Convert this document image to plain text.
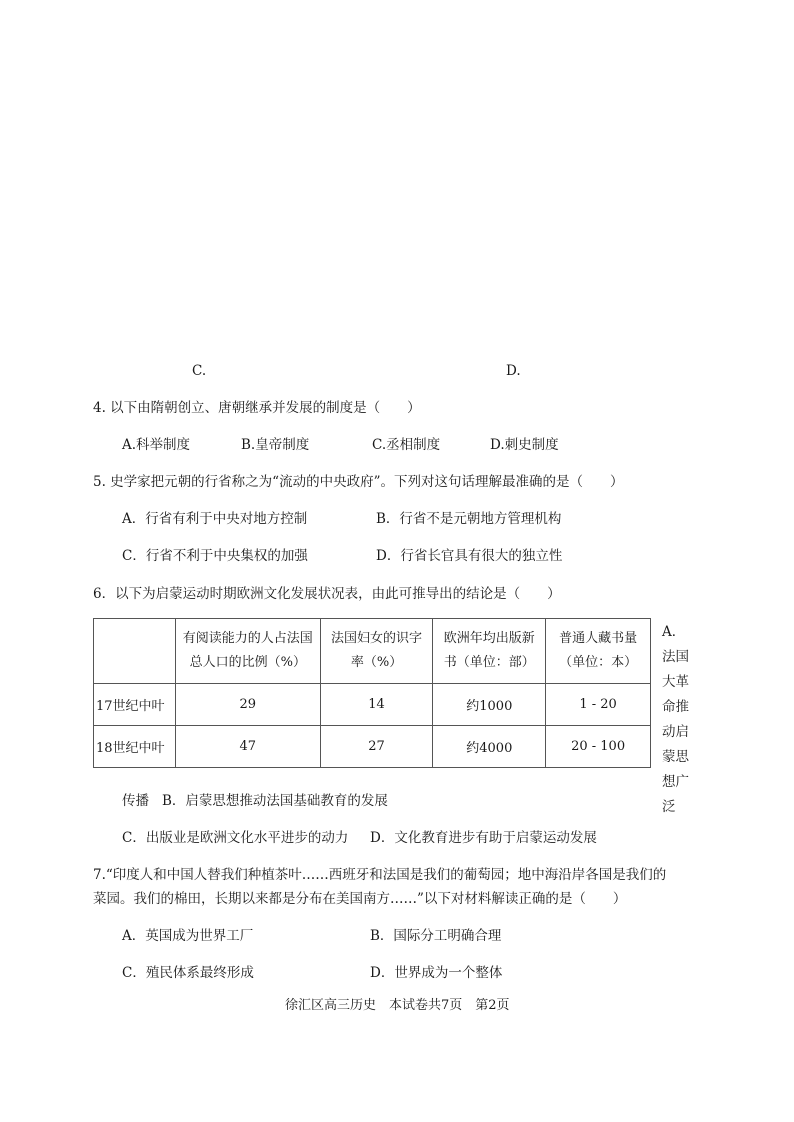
C.	D.
4. 以下由隋朝创立、唐朝继承并发展的制度是（　　）
A.科举制度	B.皇帝制度	C.丞相制度	D.刺史制度
5. 史学家把元朝的行省称之为“流动的中央政府”。下列对这句话理解最准确的是（　　）
A．行省有利于中央对地方控制	B．行省不是元朝地方管理机构
C．行省不利于中央集权的加强	D．行省长官具有很大的独立性
6．以下为启蒙运动时期欧洲文化发展状况表，由此可推导出的结论是（　　）
	有阅读能力的人占法国总人口的比例（%）	法国妇女的识字率（%）	欧洲年均出版新书（单位：部）	普通人藏书量（单位：本）
17世纪中叶	29	14	约1000	1 - 20
18世纪中叶	47	27	约4000	20 - 100
A．法国大革命推动启蒙思想广泛
传播 B．启蒙思想推动法国基础教育的发展
C．出版业是欧洲文化水平进步的动力 D．文化教育进步有助于启蒙运动发展
7.“印度人和中国人替我们种植茶叶……西班牙和法国是我们的葡萄园；地中海沿岸各国是我们的
菜园。我们的棉田，长期以来都是分布在美国南方……”以下对材料解读正确的是（　　）
A．英国成为世界工厂	B．国际分工明确合理
C．殖民体系最终形成	D．世界成为一个整体
徐汇区高三历史　本试卷共7页　第2页
